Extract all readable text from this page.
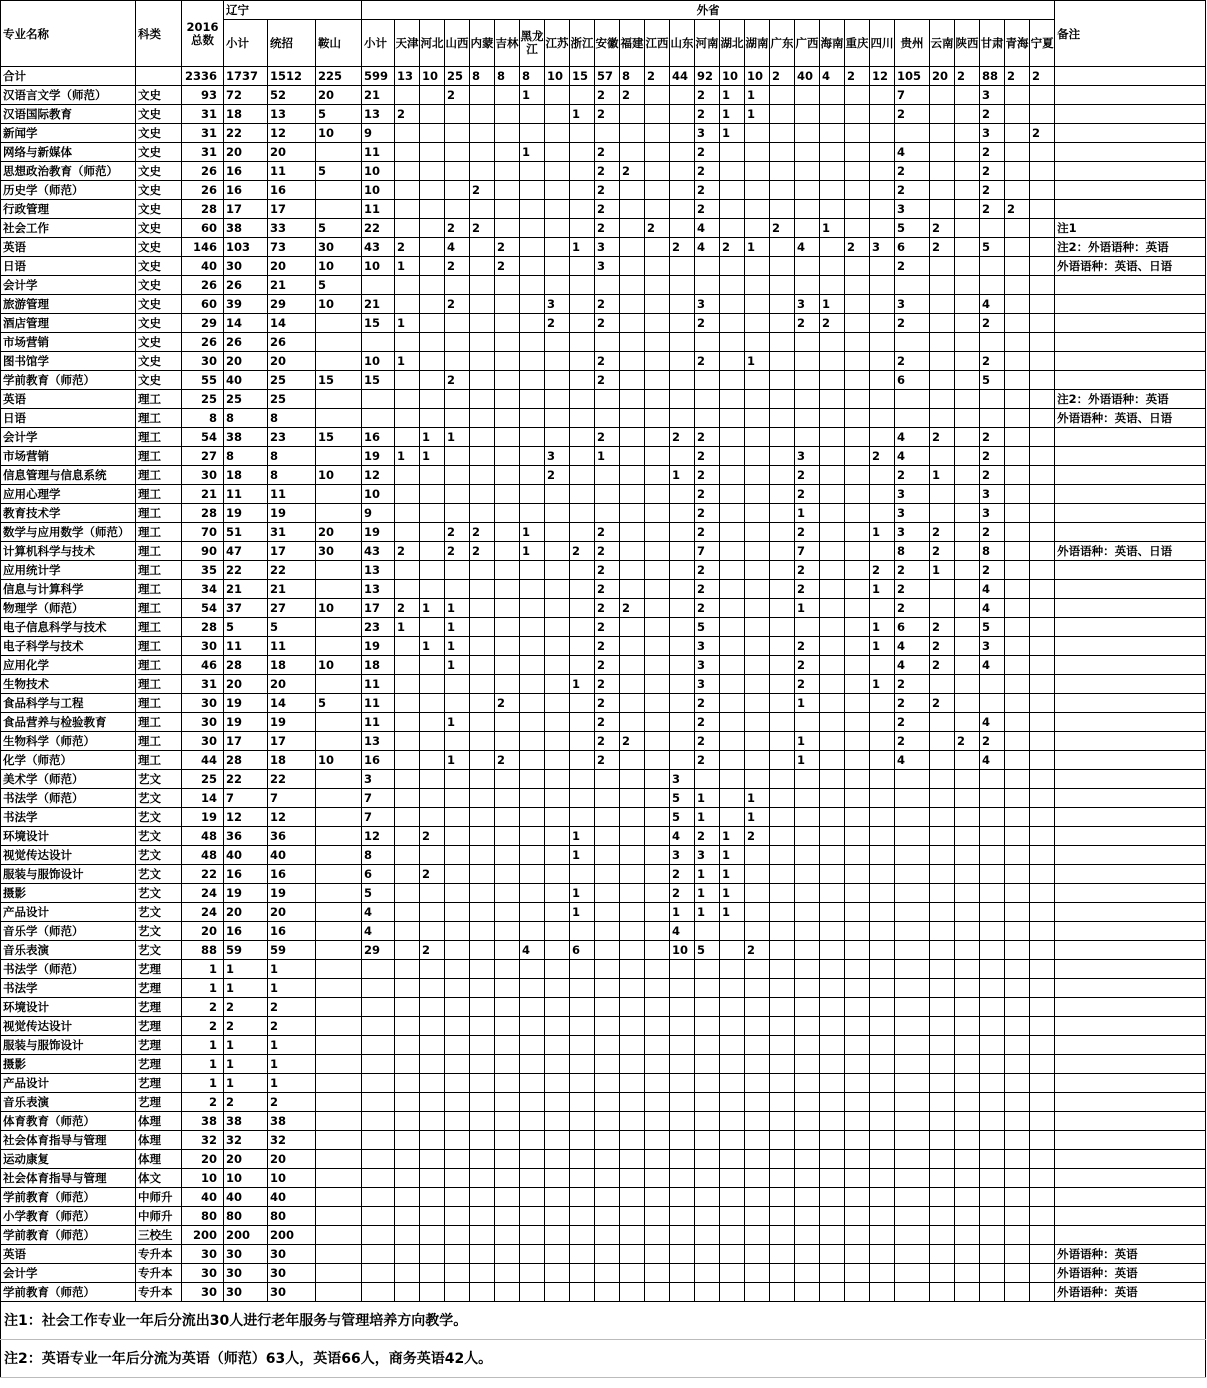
专业名称	科类	2016总数	辽宁			外省																											备注
			小计	统招	鞍山	小计	天津	河北	山西	内蒙	吉林	黑龙江	江苏	浙江	安徽	福建	江西	山东	河南	湖北	湖南	广东	广西	海南	重庆	四川	贵州	云南	陕西	甘肃	青海	宁夏	
合计		2336	1737	1512	225	599	13	10	25	8	8	8	10	15	57	8	2	44	92	10	10	2	40	4	2	12	105	20	2	88	2	2	
汉语言文学（师范）	文史	93	72	52	20	21			2			1			2	2			2	1	1						7			3			
汉语国际教育	文史	31	18	13	5	13	2							1	2				2	1	1						2			2			
新闻学	文史	31	22	12	10	9													3	1										3		2	
网络与新媒体	文史	31	20	20		11						1			2				2								4			2			
思想政治教育（师范）	文史	26	16	11	5	10									2	2			2								2			2			
历史学（师范）	文史	26	16	16		10				2					2				2								2			2			
行政管理	文史	28	17	17		11									2				2								3			2	2		
社会工作	文史	60	38	33	5	22			2	2					2		2		4			2		1			5	2					注1
英语	文史	146	103	73	30	43	2		4		2			1	3			2	4	2	1		4		2	3	6	2		5			注2：外语语种：英语
日语	文史	40	30	20	10	10	1		2		2				3												2						外语语种：英语、日语
会计学	文史	26	26	21	5																												
旅游管理	文史	60	39	29	10	21			2				3		2				3				3	1			3			4			
酒店管理	文史	29	14	14		15	1						2		2				2				2	2			2			2			
市场营销	文史	26	26	26																													
图书馆学	文史	30	20	20		10	1								2				2		1						2			2			
学前教育（师范）	文史	55	40	25	15	15			2						2												6			5			
英语	理工	25	25	25																													注2：外语语种：英语
日语	理工	8	8	8																													外语语种：英语、日语
会计学	理工	54	38	23	15	16		1	1						2			2	2								4	2		2			
市场营销	理工	27	8	8		19	1	1					3		1				2				3			2	4			2			
信息管理与信息系统	理工	30	18	8	10	12							2					1	2				2				2	1		2			
应用心理学	理工	21	11	11		10													2				2				3			3			
教育技术学	理工	28	19	19		9													2				1				3			3			
数学与应用数学（师范）	理工	70	51	31	20	19			2	2		1			2				2				2			1	3	2		2			
计算机科学与技术	理工	90	47	17	30	43	2		2	2		1		2	2				7				7				8	2		8			外语语种：英语、日语
应用统计学	理工	35	22	22		13									2				2				2			2	2	1		2			
信息与计算科学	理工	34	21	21		13									2				2				2			1	2			4			
物理学（师范）	理工	54	37	27	10	17	2	1	1						2	2			2				1				2			4			
电子信息科学与技术	理工	28	5	5		23	1		1						2				5							1	6	2		5			
电子科学与技术	理工	30	11	11		19		1	1						2				3				2			1	4	2		3			
应用化学	理工	46	28	18	10	18			1						2				3				2				4	2		4			
生物技术	理工	31	20	20		11								1	2				3				2			1	2						
食品科学与工程	理工	30	19	14	5	11					2				2				2				1				2	2					
食品营养与检验教育	理工	30	19	19		11			1						2				2								2			4			
生物科学（师范）	理工	30	17	17		13									2	2			2				1				2		2	2			
化学（师范）	理工	44	28	18	10	16			1		2				2				2				1				4			4			
美术学（师范）	艺文	25	22	22		3												3															
书法学（师范）	艺文	14	7	7		7												5	1		1												
书法学	艺文	19	12	12		7												5	1		1												
环境设计	艺文	48	36	36		12		2						1				4	2	1	2												
视觉传达设计	艺文	48	40	40		8								1				3	3	1													
服装与服饰设计	艺文	22	16	16		6		2										2	1	1													
摄影	艺文	24	19	19		5								1				2	1	1													
产品设计	艺文	24	20	20		4								1				1	1	1													
音乐学（师范）	艺文	20	16	16		4												4															
音乐表演	艺文	88	59	59		29		2				4		6				10	5		2												
书法学（师范）	艺理	1	1	1																													
书法学	艺理	1	1	1																													
环境设计	艺理	2	2	2																													
视觉传达设计	艺理	2	2	2																													
服装与服饰设计	艺理	1	1	1																													
摄影	艺理	1	1	1																													
产品设计	艺理	1	1	1																													
音乐表演	艺理	2	2	2																													
体育教育（师范）	体理	38	38	38																													
社会体育指导与管理	体理	32	32	32																													
运动康复	体理	20	20	20																													
社会体育指导与管理	体文	10	10	10																													
学前教育（师范）	中师升	40	40	40																													
小学教育（师范）	中师升	80	80	80																													
学前教育（师范）	三校生	200	200	200																													
英语	专升本	30	30	30																													外语语种：英语
会计学	专升本	30	30	30																													外语语种：英语
学前教育（师范）	专升本	30	30	30																													外语语种：英语
注1：社会工作专业一年后分流出30人进行老年服务与管理培养方向教学。																																	
注2：英语专业一年后分流为英语（师范）63人，英语66人，商务英语42人。																																	
